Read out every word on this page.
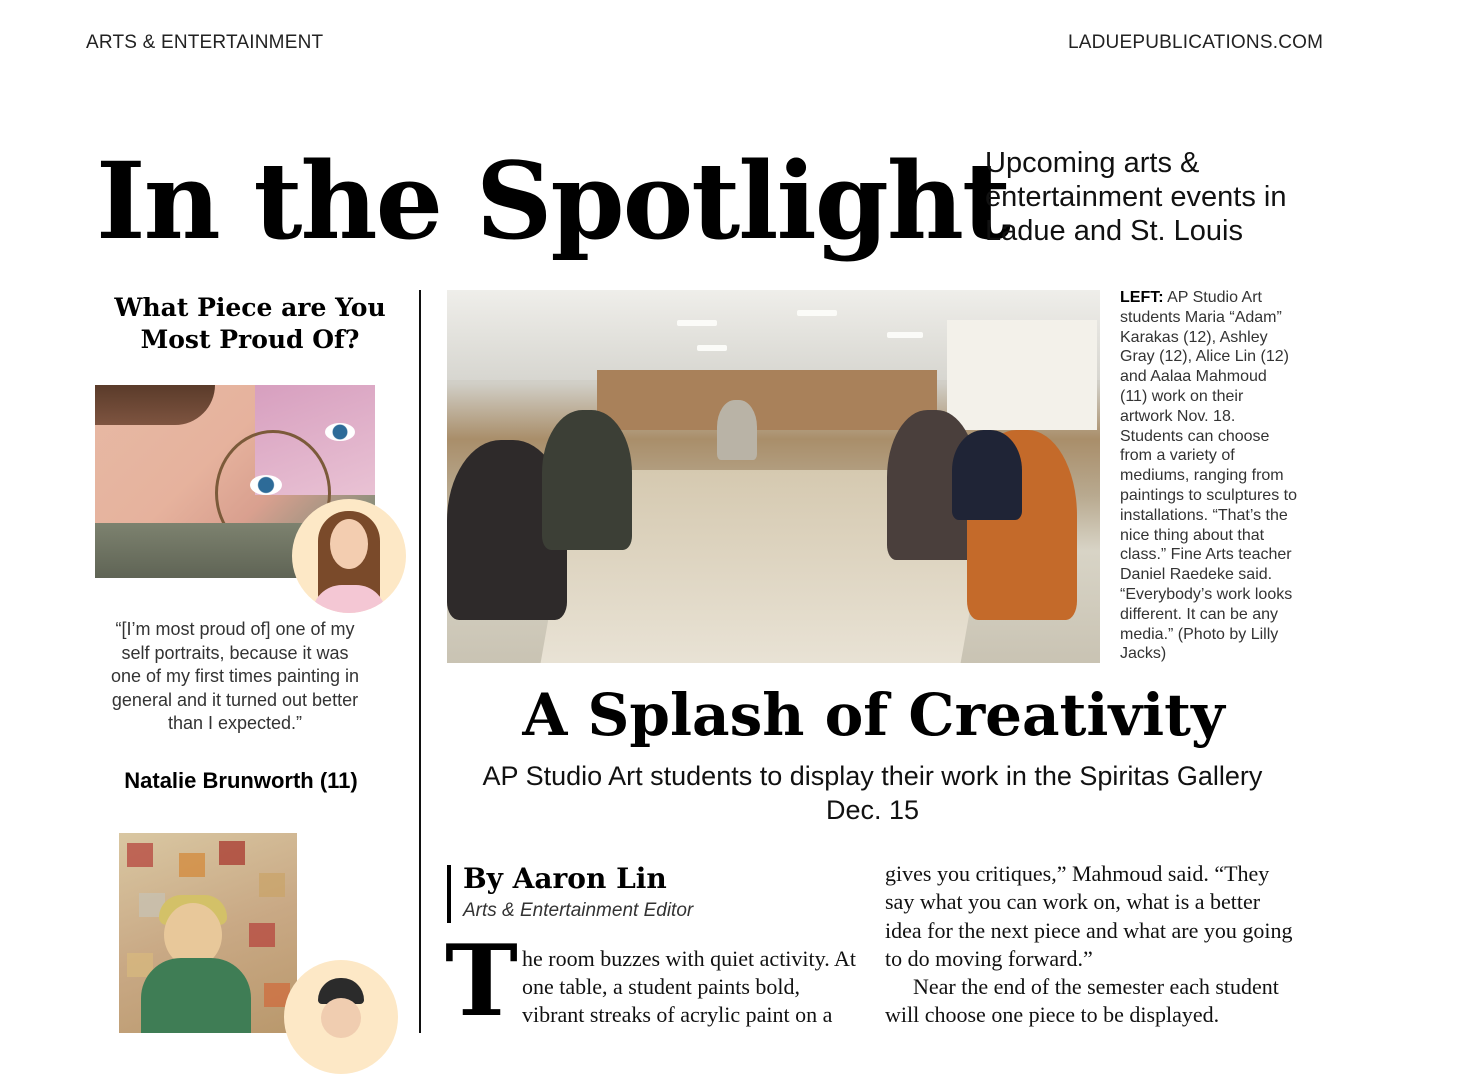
ARTS & ENTERTAINMENT	LADUEPUBLICATIONS.COM
In the Spotlight
Upcoming arts & entertainment events in Ladue and St. Louis
What Piece are You Most Proud Of?
“[I’m most proud of] one of my self portraits, because it was one of my first times painting in general and it turned out better than I expected.”
Natalie Brunworth (11)
LEFT: AP Studio Art students Maria “Adam” Karakas (12), Ashley Gray (12), Alice Lin (12) and Aalaa Mahmoud (11) work on their artwork Nov. 18. Students can choose from a variety of mediums, ranging from paintings to sculptures to installations. “That’s the nice thing about that class.” Fine Arts teacher Daniel Raedeke said. “Everybody’s work looks different. It can be any media.” (Photo by Lilly Jacks)
A Splash of Creativity
AP Studio Art students to display their work in the Spiritas Gallery Dec. 15
By Aaron Lin
Arts & Entertainment Editor
T he room buzzes with quiet activity. At one table, a student paints bold, vibrant streaks of acrylic paint on a

gives you critiques,” Mahmoud said. “They say what you can work on, what is a better idea for the next piece and what are you going to do moving forward.”

Near the end of the semester each student will choose one piece to be displayed.
